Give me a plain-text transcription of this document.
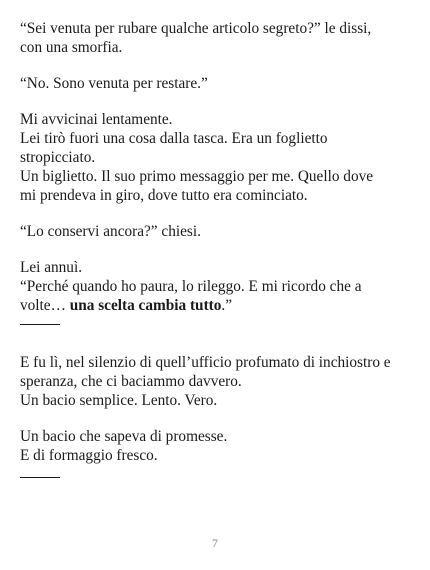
“Sei venuta per rubare qualche articolo segreto?” le dissi,
con una smorfia.

“No. Sono venuta per restare.”

Mi avvicinai lentamente.
Lei tirò fuori una cosa dalla tasca. Era un foglietto
stropicciato.
Un biglietto. Il suo primo messaggio per me. Quello dove
mi prendeva in giro, dove tutto era cominciato.

“Lo conservi ancora?” chiesi.

Lei annuì.
“Perché quando ho paura, lo rileggo. E mi ricordo che a
volte… una scelta cambia tutto.”

E fu lì, nel silenzio di quell’ufficio profumato di inchiostro e
speranza, che ci baciammo davvero.
Un bacio semplice. Lento. Vero.

Un bacio che sapeva di promesse.
E di formaggio fresco.

7
